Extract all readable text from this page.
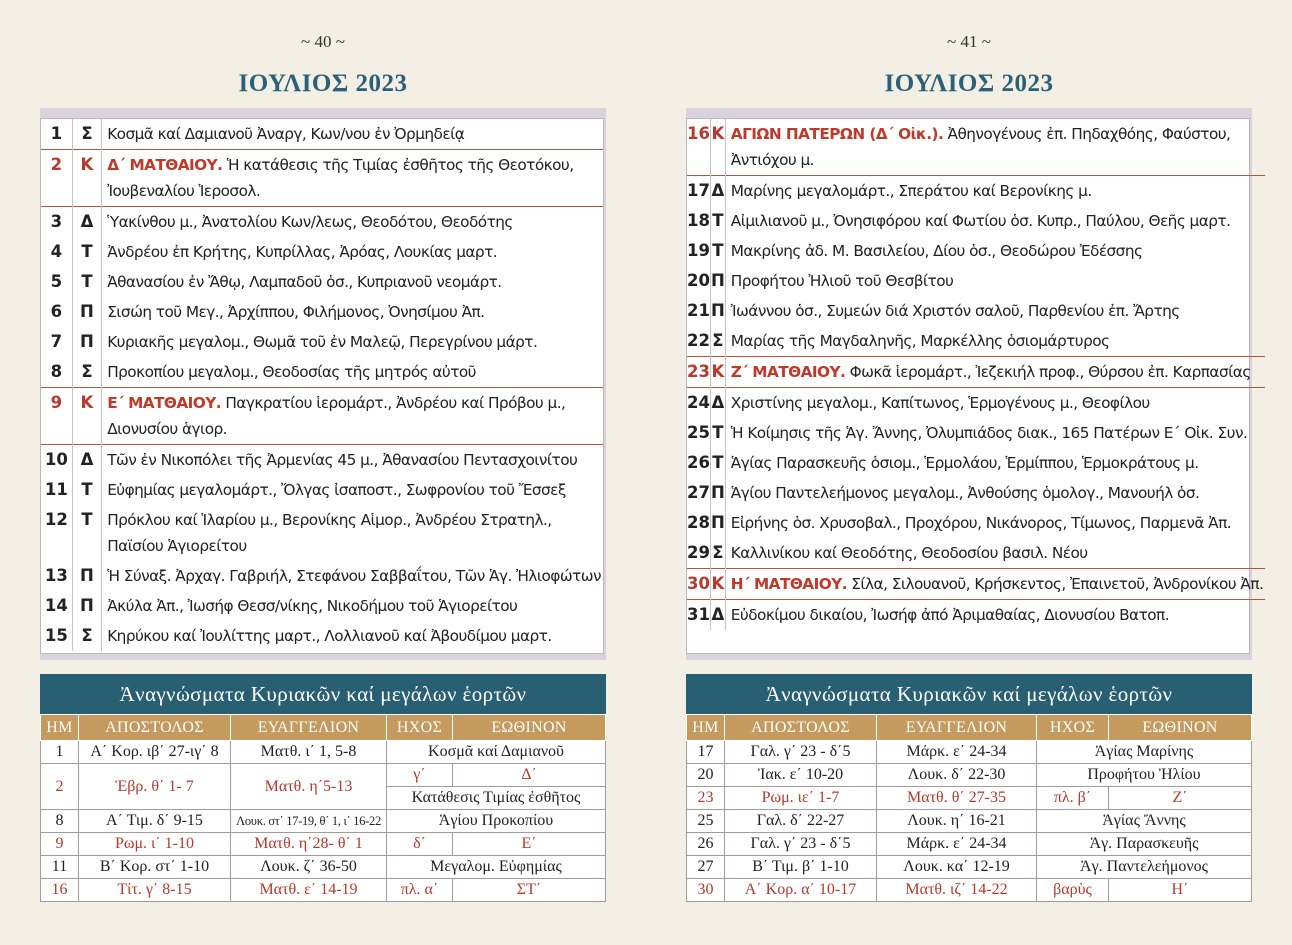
~ 40 ~
ΙΟΥΛΙΟΣ 2023
1	Σ	Κοσμᾶ καί Δαμιανοῦ Ἀναργ, Κων/νου ἐν Ὀρμηδείᾳ
2	Κ	Δ΄ ΜΑΤΘΑΙΟΥ. Ἡ κατάθεσις τῆς Τιμίας ἐσθῆτος τῆς Θεοτόκου, Ἰουβεναλίου Ἱεροσολ.
3	Δ	Ὑακίνθου μ., Ἀνατολίου Κων/λεως, Θεοδότου, Θεοδότης
4	Τ	Ἀνδρέου ἐπ Κρήτης, Κυπρίλλας, Ἀρόας, Λουκίας μαρτ.
5	Τ	Ἀθανασίου ἐν Ἄθῳ, Λαμπαδοῦ ὁσ., Κυπριανοῦ νεομάρτ.
6	Π	Σισώη τοῦ Μεγ., Ἀρχίππου, Φιλήμονος, Ὀνησίμου Ἀπ.
7	Π	Κυριακῆς μεγαλομ., Θωμᾶ τοῦ ἐν Μαλεῷ, Περεγρίνου μάρτ.
8	Σ	Προκοπίου μεγαλομ., Θεοδοσίας τῆς μητρός αὐτοῦ
9	Κ	Ε΄ ΜΑΤΘΑΙΟΥ. Παγκρατίου ἱερομάρτ., Ἀνδρέου καί Πρόβου μ., Διονυσίου ἁγιορ.
10	Δ	Τῶν ἐν Νικοπόλει τῆς Ἀρμενίας 45 μ., Ἀθανασίου Πεντασχοινίτου
11	Τ	Εὐφημίας μεγαλομάρτ., Ὄλγας ἰσαποστ., Σωφρονίου τοῦ Ἔσσεξ
12	Τ	Πρόκλου καί Ἱλαρίου μ., Βερονίκης Αἱμορ., Ἀνδρέου Στρατηλ., Παϊσίου Ἁγιορείτου
13	Π	Ἡ Σύναξ. Ἀρχαγ. Γαβριήλ, Στεφάνου Σαββαΐτου, Τῶν Ἁγ. Ἠλιοφώτων
14	Π	Ἀκύλα Ἀπ., Ἰωσήφ Θεσσ/νίκης, Νικοδήμου τοῦ Ἁγιορείτου
15	Σ	Κηρύκου καί Ἰουλίττης μαρτ., Λολλιανοῦ καί Ἀβουδίμου μαρτ.
Ἀναγνώσματα Κυριακῶν καί μεγάλων ἑορτῶν
ΗΜ	ΑΠΟΣΤΟΛΟΣ	ΕΥΑΓΓΕΛΙΟΝ	ΗΧΟΣ	ΕΩΘΙΝΟΝ
1	Α΄ Κορ. ιβ΄ 27-ιγ΄ 8	Ματθ. ι΄ 1, 5-8	Κοσμᾶ καί Δαμιανοῦ	
2	Ἑβρ. θ΄ 1- 7	Ματθ. η΄5-13	γ΄	Δ΄
			Κατάθεσις Τιμίας ἐσθῆτος	
8	Α΄ Τιμ. δ΄ 9-15	Λουκ. στ΄ 17-19, θ΄ 1, ι΄ 16-22	Ἁγίου Προκοπίου	
9	Ρωμ. ι΄ 1-10	Ματθ. η΄28- θ΄ 1	δ΄	Ε΄
11	Β΄ Κορ. στ΄ 1-10	Λουκ. ζ΄ 36-50	Μεγαλομ. Εὐφημίας	
16	Τίτ. γ΄ 8-15	Ματθ. ε΄ 14-19	πλ. α΄	ΣΤ΄
~ 41 ~
ΙΟΥΛΙΟΣ 2023
16	Κ	ΑΓΙΩΝ ΠΑΤΕΡΩΝ (Δ΄ Οἰκ.). Ἀθηνογένους ἐπ. Πηδαχθόης, Φαύστου, Ἀντιόχου μ.
17	Δ	Μαρίνης μεγαλομάρτ., Σπεράτου καί Βερονίκης μ.
18	Τ	Αἰμιλιανοῦ μ., Ὀνησιφόρου καί Φωτίου ὁσ. Κυπρ., Παύλου, Θεῆς μαρτ.
19	Τ	Μακρίνης ἀδ. Μ. Βασιλείου, Δίου ὁσ., Θεοδώρου Ἐδέσσης
20	Π	Προφήτου Ἠλιοῦ τοῦ Θεσβίτου
21	Π	Ἰωάννου ὁσ., Συμεών διά Χριστόν σαλοῦ, Παρθενίου ἐπ. Ἄρτης
22	Σ	Μαρίας τῆς Μαγδαληνῆς, Μαρκέλλης ὁσιομάρτυρος
23	Κ	Ζ΄ ΜΑΤΘΑΙΟΥ. Φωκᾶ ἱερομάρτ., Ἰεζεκιήλ προφ., Θύρσου ἐπ. Καρπασίας
24	Δ	Χριστίνης μεγαλομ., Καπίτωνος, Ἑρμογένους μ., Θεοφίλου
25	Τ	Ἡ Κοίμησις τῆς Ἁγ. Ἄννης, Ὀλυμπιάδος διακ., 165 Πατέρων Ε΄ Οἰκ. Συν.
26	Τ	Ἁγίας Παρασκευῆς ὁσιομ., Ἑρμολάου, Ἑρμίππου, Ἑρμοκράτους μ.
27	Π	Ἁγίου Παντελεήμονος μεγαλομ., Ἀνθούσης ὁμολογ., Μανουήλ ὁσ.
28	Π	Εἰρήνης ὁσ. Χρυσοβαλ., Προχόρου, Νικάνορος, Τίμωνος, Παρμενᾶ Ἀπ.
29	Σ	Καλλινίκου καί Θεοδότης, Θεοδοσίου βασιλ. Νέου
30	Κ	Η΄ ΜΑΤΘΑΙΟΥ. Σίλα, Σιλουανοῦ, Κρήσκεντος, Ἐπαινετοῦ, Ἀνδρονίκου Ἀπ.
31	Δ	Εὐδοκίμου δικαίου, Ἰωσήφ ἀπό Ἀριμαθαίας, Διονυσίου Βατοπ.
Ἀναγνώσματα Κυριακῶν καί μεγάλων ἑορτῶν
ΗΜ	ΑΠΟΣΤΟΛΟΣ	ΕΥΑΓΓΕΛΙΟΝ	ΗΧΟΣ	ΕΩΘΙΝΟΝ
17	Γαλ. γ΄ 23 - δ΄5	Μάρκ. ε΄ 24-34	Ἁγίας Μαρίνης	
20	Ἰακ. ε΄ 10-20	Λουκ. δ΄ 22-30	Προφήτου Ἠλίου	
23	Ρωμ. ιε΄ 1-7	Ματθ. θ΄ 27-35	πλ. β΄	Ζ΄
25	Γαλ. δ΄ 22-27	Λουκ. η΄ 16-21	Ἁγίας Ἄννης	
26	Γαλ. γ΄ 23 - δ΄5	Μάρκ. ε΄ 24-34	Ἁγ. Παρασκευῆς	
27	Β΄ Τιμ. β΄ 1-10	Λουκ. κα΄ 12-19	Ἁγ. Παντελεήμονος	
30	Α΄ Κορ. α΄ 10-17	Ματθ. ιζ΄ 14-22	βαρὺς	Η΄
